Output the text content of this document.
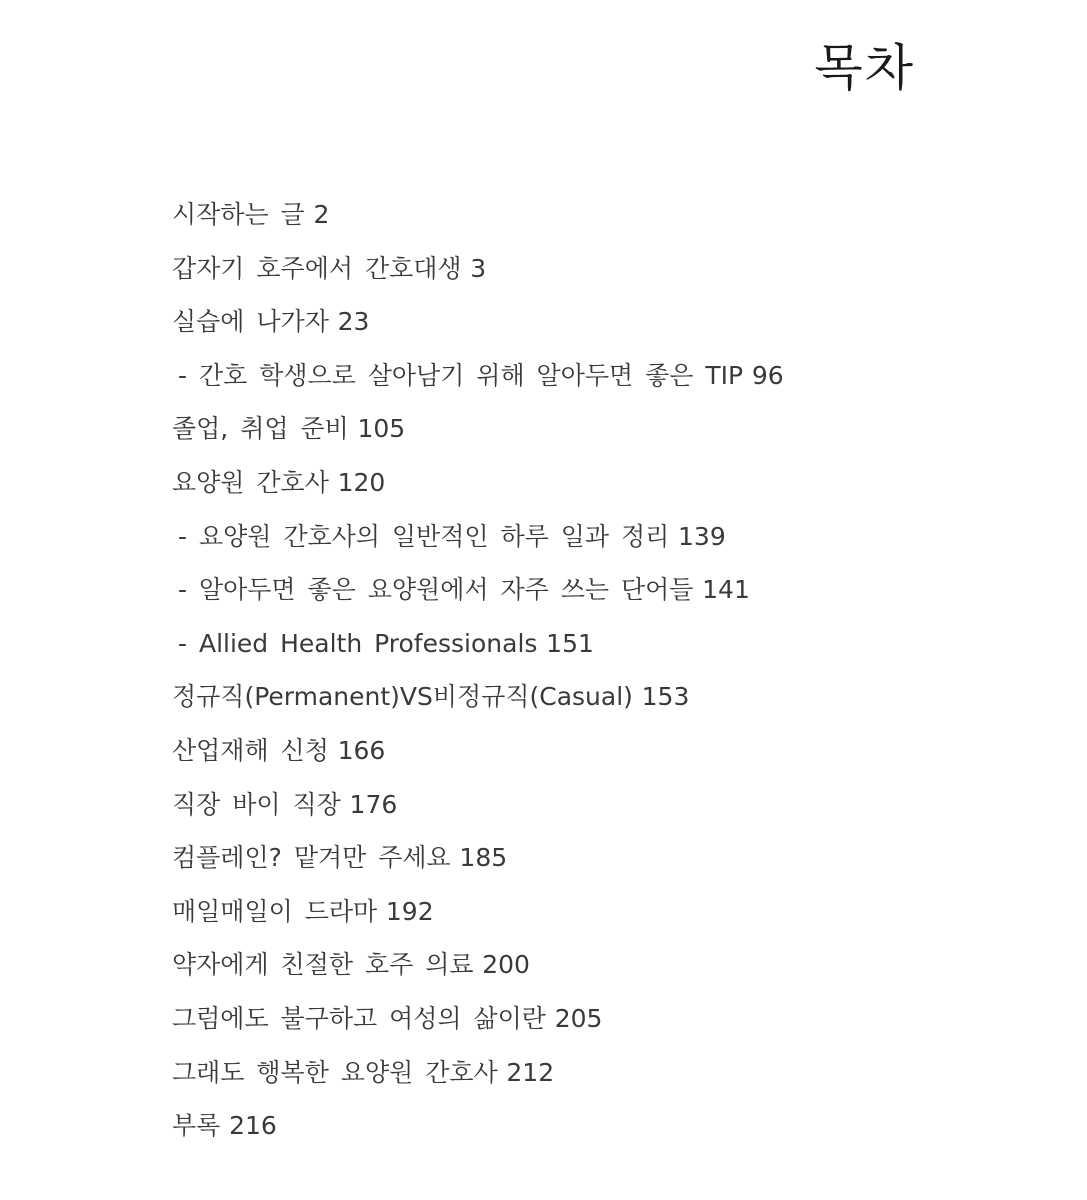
목차
시작하는 글 2
갑자기 호주에서 간호대생 3
실습에 나가자 23
- 간호 학생으로 살아남기 위해 알아두면 좋은 TIP 96
졸업, 취업 준비 105
요양원 간호사 120
- 요양원 간호사의 일반적인 하루 일과 정리 139
- 알아두면 좋은 요양원에서 자주 쓰는 단어들 141
- Allied Health Professionals 151
정규직(Permanent)VS비정규직(Casual) 153
산업재해 신청 166
직장 바이 직장 176
컴플레인? 맡겨만 주세요 185
매일매일이 드라마 192
약자에게 친절한 호주 의료 200
그럼에도 불구하고 여성의 삶이란 205
그래도 행복한 요양원 간호사 212
부록 216
